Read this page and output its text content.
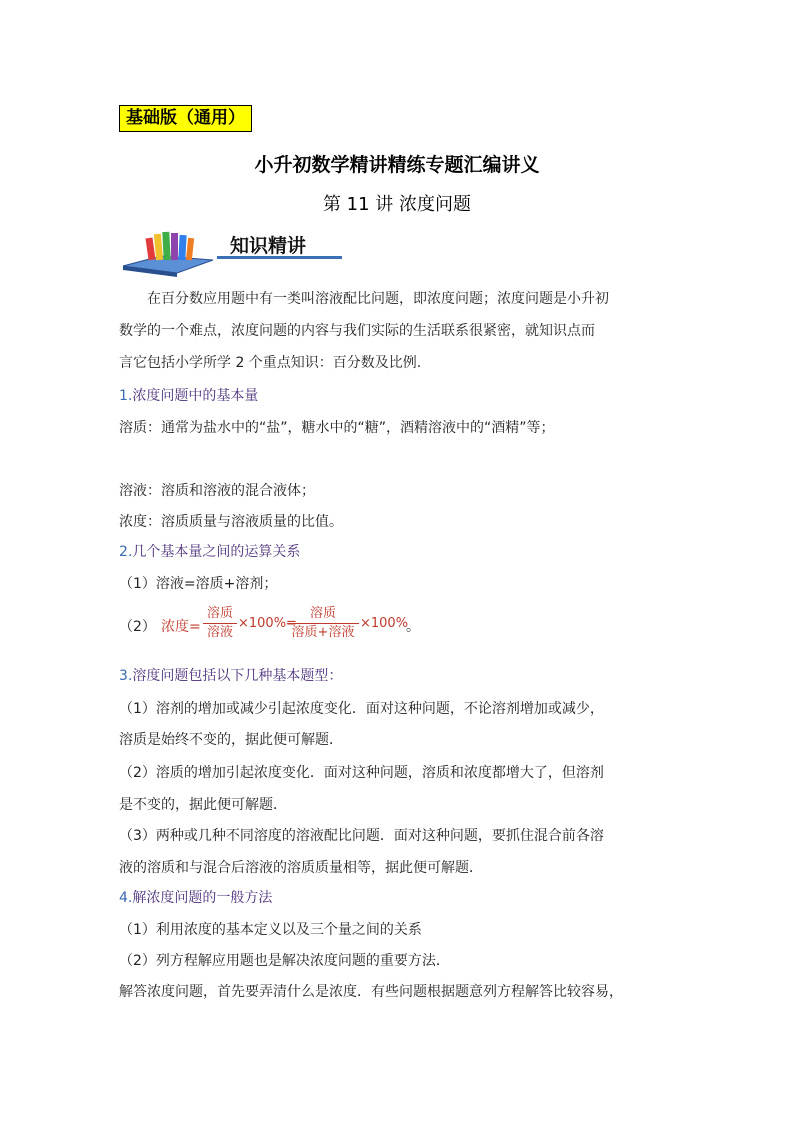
基础版（通用）
小升初数学精讲精练专题汇编讲义
第 11 讲 浓度问题
知识精讲
在百分数应用题中有一类叫溶液配比问题，即浓度问题；浓度问题是小升初
数学的一个难点，浓度问题的内容与我们实际的生活联系很紧密，就知识点而
言它包括小学所学 2 个重点知识：百分数及比例.
1.浓度问题中的基本量
溶质：通常为盐水中的“盐”，糖水中的“糖”，酒精溶液中的“酒精”等；
溶液：溶质和溶液的混合液体；
浓度：溶质质量与溶液质量的比值。
2.几个基本量之间的运算关系
（1）溶液=溶质+溶剂；
（2） 浓度=
溶质
溶液
×100%=
溶质
溶质+溶液
×100%
。
3.溶度问题包括以下几种基本题型：
（1）溶剂的增加或减少引起浓度变化．面对这种问题，不论溶剂增加或减少，
溶质是始终不变的，据此便可解题．
（2）溶质的增加引起浓度变化．面对这种问题，溶质和浓度都增大了，但溶剂
是不变的，据此便可解题．
（3）两种或几种不同溶度的溶液配比问题．面对这种问题，要抓住混合前各溶
液的溶质和与混合后溶液的溶质质量相等，据此便可解题．
4.解浓度问题的一般方法
（1）利用浓度的基本定义以及三个量之间的关系
（2）列方程解应用题也是解决浓度问题的重要方法．
解答浓度问题，首先要弄清什么是浓度．有些问题根据题意列方程解答比较容易，
